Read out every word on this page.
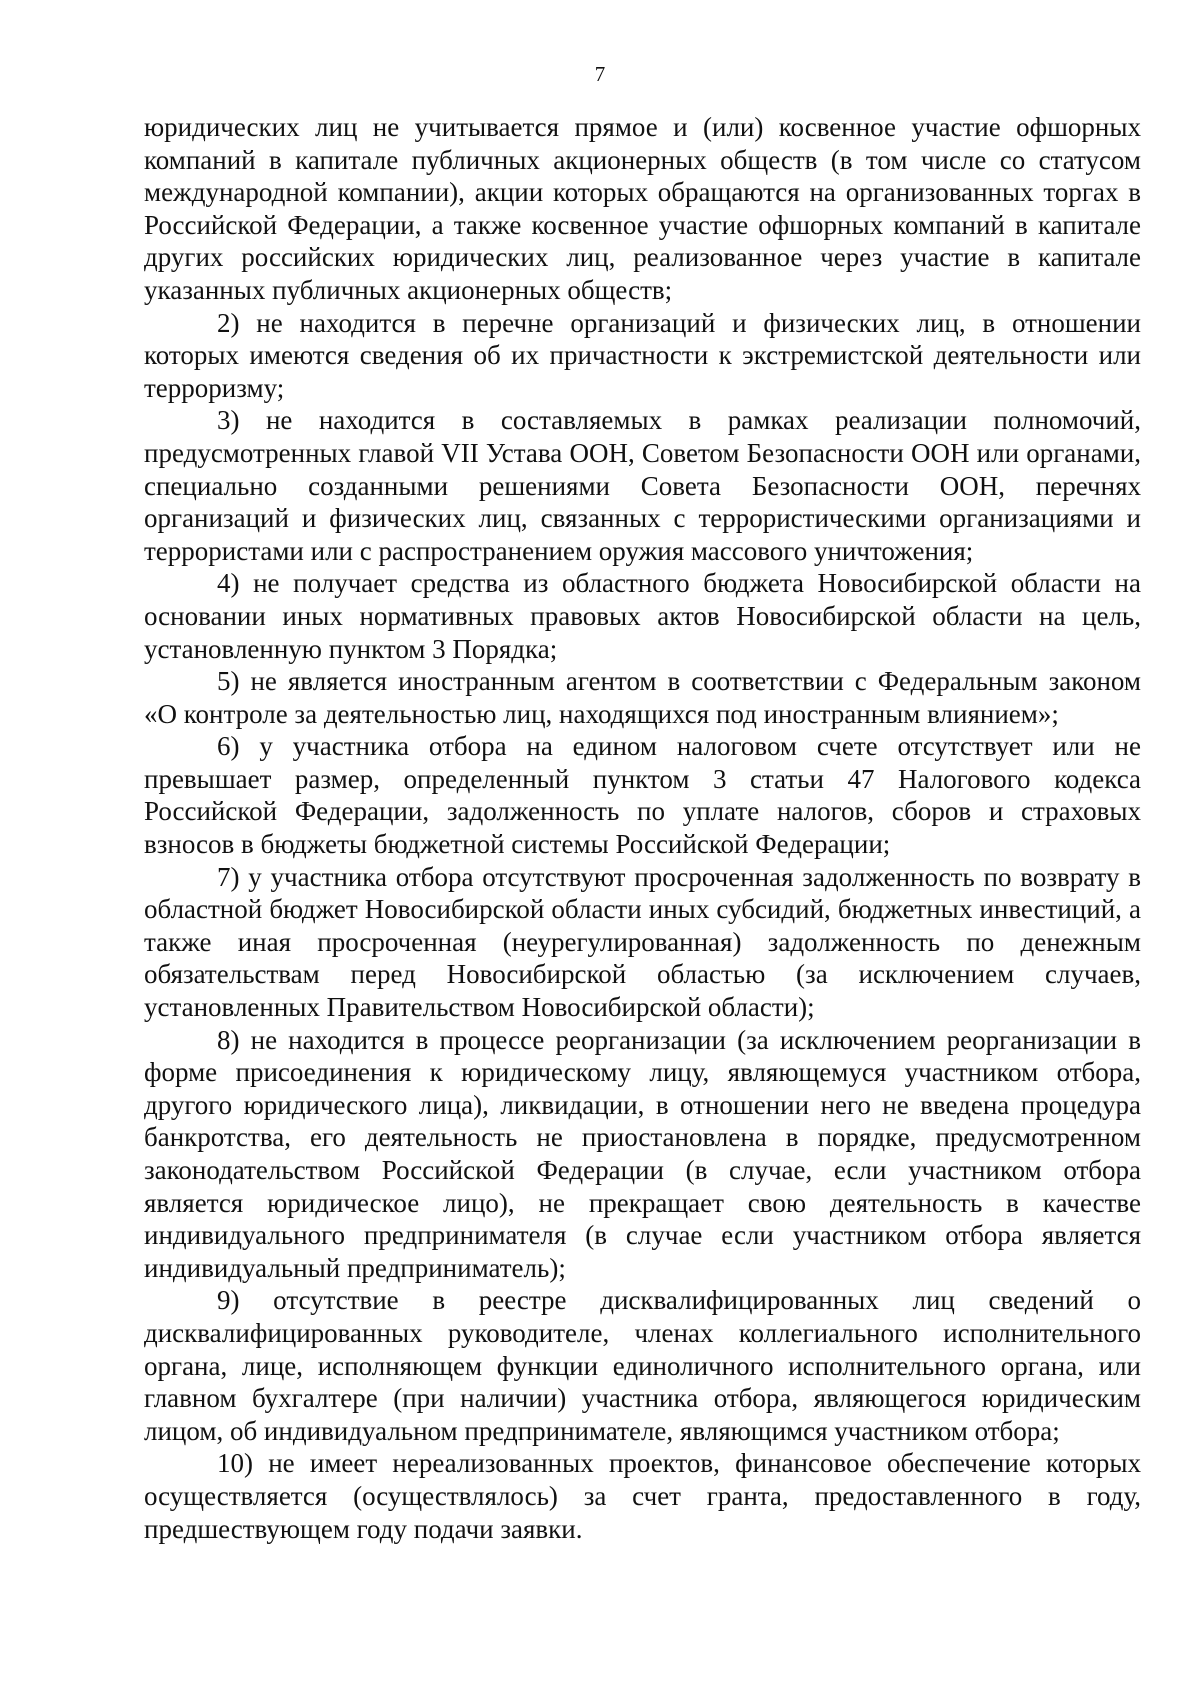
7

юридических лиц не учитывается прямое и (или) косвенное участие офшорных компаний в капитале публичных акционерных обществ (в том числе со статусом международной компании), акции которых обращаются на организованных торгах в Российской Федерации, а также косвенное участие офшорных компаний в капитале других российских юридических лиц, реализованное через участие в капитале указанных публичных акционерных обществ;

2) не находится в перечне организаций и физических лиц, в отношении которых имеются сведения об их причастности к экстремистской деятельности или терроризму;

3) не находится в составляемых в рамках реализации полномочий, предусмотренных главой VII Устава ООН, Советом Безопасности ООН или органами, специально созданными решениями Совета Безопасности ООН, перечнях организаций и физических лиц, связанных с террористическими организациями и террористами или с распространением оружия массового уничтожения;

4) не получает средства из областного бюджета Новосибирской области на основании иных нормативных правовых актов Новосибирской области на цель, установленную пунктом 3 Порядка;

5) не является иностранным агентом в соответствии с Федеральным законом «О контроле за деятельностью лиц, находящихся под иностранным влиянием»;

6) у участника отбора на едином налоговом счете отсутствует или не превышает размер, определенный пунктом 3 статьи 47 Налогового кодекса Российской Федерации, задолженность по уплате налогов, сборов и страховых взносов в бюджеты бюджетной системы Российской Федерации;

7) у участника отбора отсутствуют просроченная задолженность по возврату в областной бюджет Новосибирской области иных субсидий, бюджетных инвестиций, а также иная просроченная (неурегулированная) задолженность по денежным обязательствам перед Новосибирской областью (за исключением случаев, установленных Правительством Новосибирской области);

8) не находится в процессе реорганизации (за исключением реорганизации в форме присоединения к юридическому лицу, являющемуся участником отбора, другого юридического лица), ликвидации, в отношении него не введена процедура банкротства, его деятельность не приостановлена в порядке, предусмотренном законодательством Российской Федерации (в случае, если участником отбора является юридическое лицо), не прекращает свою деятельность в качестве индивидуального предпринимателя (в случае если участником отбора является индивидуальный предприниматель);

9) отсутствие в реестре дисквалифицированных лиц сведений о дисквалифицированных руководителе, членах коллегиального исполнительного органа, лице, исполняющем функции единоличного исполнительного органа, или главном бухгалтере (при наличии) участника отбора, являющегося юридическим лицом, об индивидуальном предпринимателе, являющимся участником отбора;

10) не имеет нереализованных проектов, финансовое обеспечение которых осуществляется (осуществлялось) за счет гранта, предоставленного в году, предшествующем году подачи заявки.
